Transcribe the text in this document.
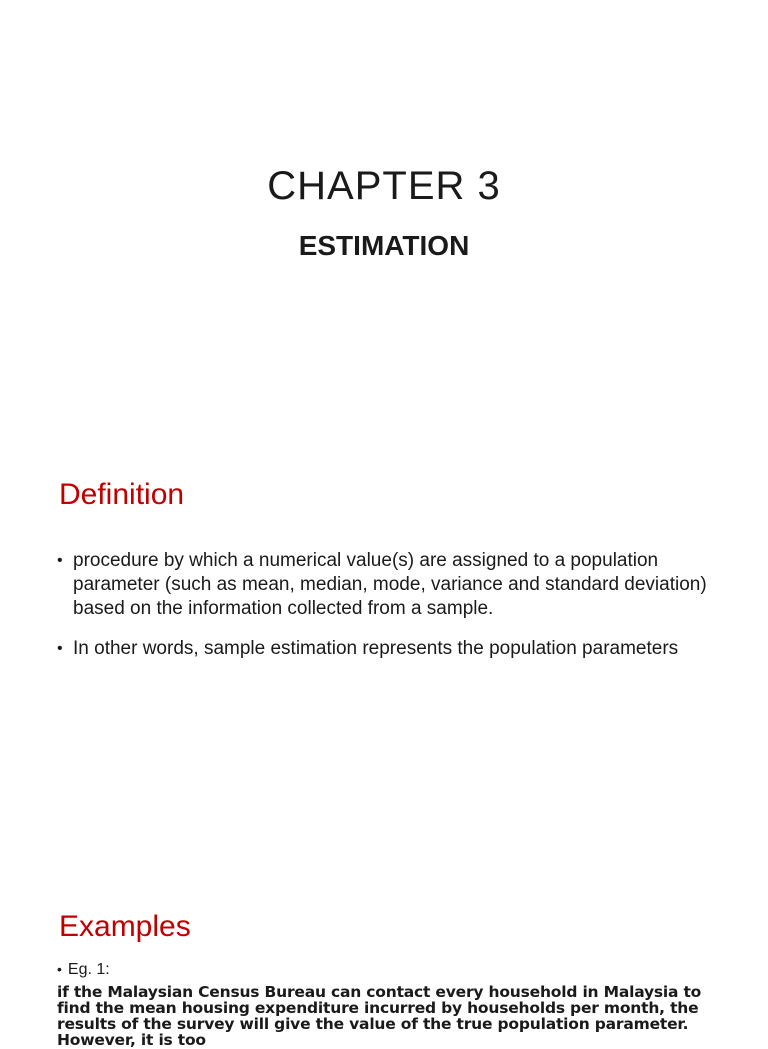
CHAPTER 3
ESTIMATION
Definition
• procedure by which a numerical value(s) are assigned to a population parameter (such as mean, median, mode, variance and standard deviation) based on the information collected from a sample.
• In other words, sample estimation represents the population parameters
Examples
• Eg. 1:

if the Malaysian Census Bureau can contact every household in Malaysia to find the mean housing expenditure incurred by households per month, the results of the survey will give the value of the true population parameter. However, it is too
